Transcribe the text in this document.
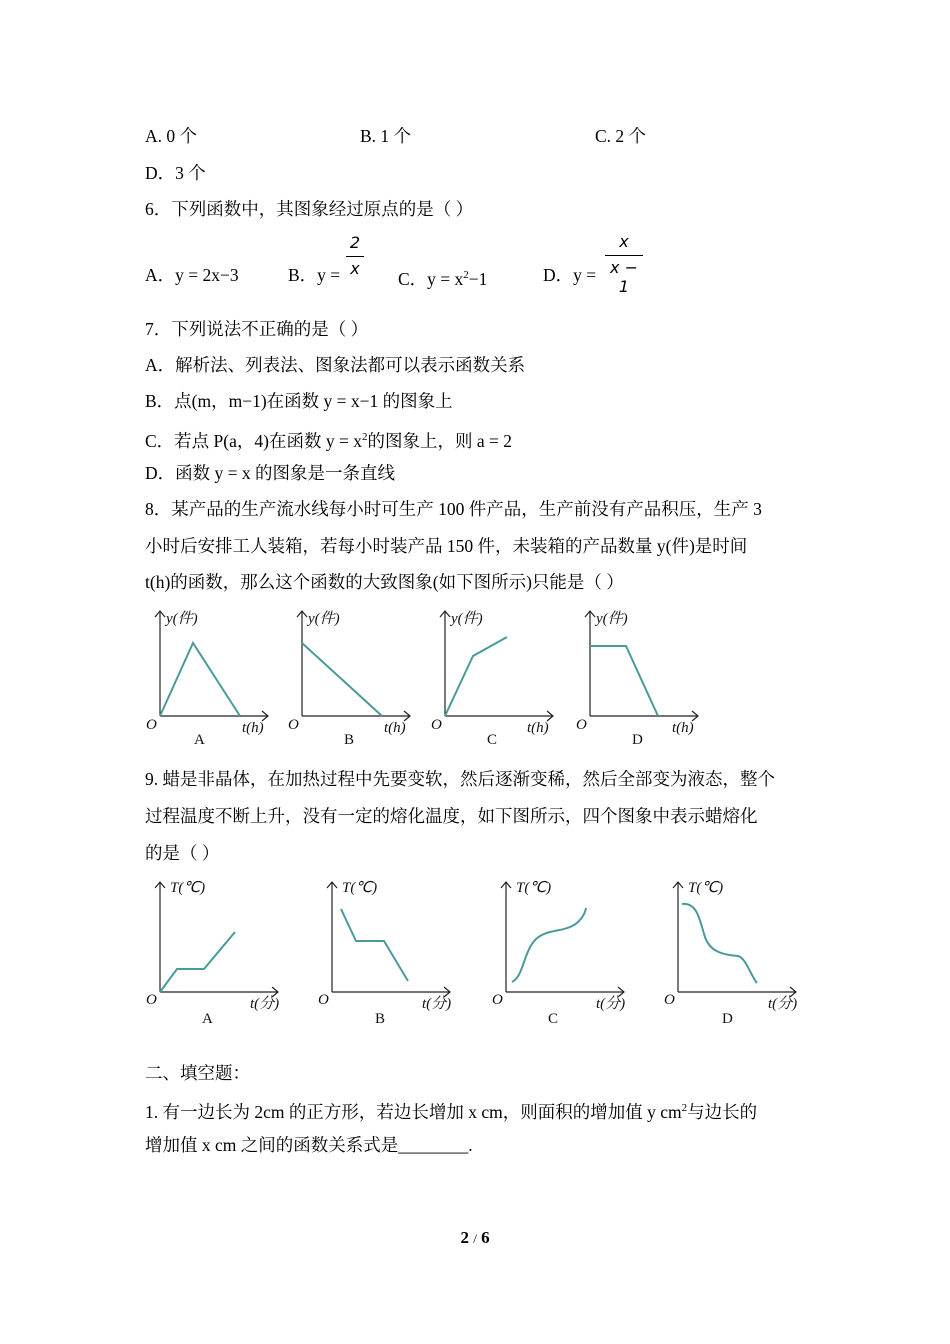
A. 0 个	B. 1 个	C. 2 个
D．3 个
6．下列函数中，其图象经过原点的是（ ）
A．y = 2x−3	B．y =
2
x
C．$y = x^2-1$	D．y =
x
x − 1
7．下列说法不正确的是（ ）
A．解析法、列表法、图象法都可以表示函数关系
B．点(m，m−1)在函数 y = x−1 的图象上
C．若点 P(a，4)在函数 $y = x^2$的图象上，则 a = 2
D．函数 y = x 的图象是一条直线
8．某产品的生产流水线每小时可生产 100 件产品，生产前没有产品积压，生产 3
小时后安排工人装箱，若每小时装产品 150 件，未装箱的产品数量 y(件)是时间
t(h)的函数，那么这个函数的大致图象(如下图所示)只能是（ ）
y(件)
t(h)
O
A
y(件)
t(h)
O
B
y(件)
t(h)
O
C
y(件)
t(h)
O
D
9. 蜡是非晶体，在加热过程中先要变软，然后逐渐变稀，然后全部变为液态，整个
过程温度不断上升，没有一定的熔化温度，如下图所示，四个图象中表示蜡熔化
的是（ ）
T(℃)
t(分)
O
A
T(℃)
t(分)
O
B
T(℃)
t(分)
O
C
T(℃)
t(分)
O
D
二、填空题：
1. 有一边长为 2cm 的正方形，若边长增加 x cm，则面积的增加值 y $cm^2$与边长的
增加值 x cm 之间的函数关系式是________.
2 / 6
